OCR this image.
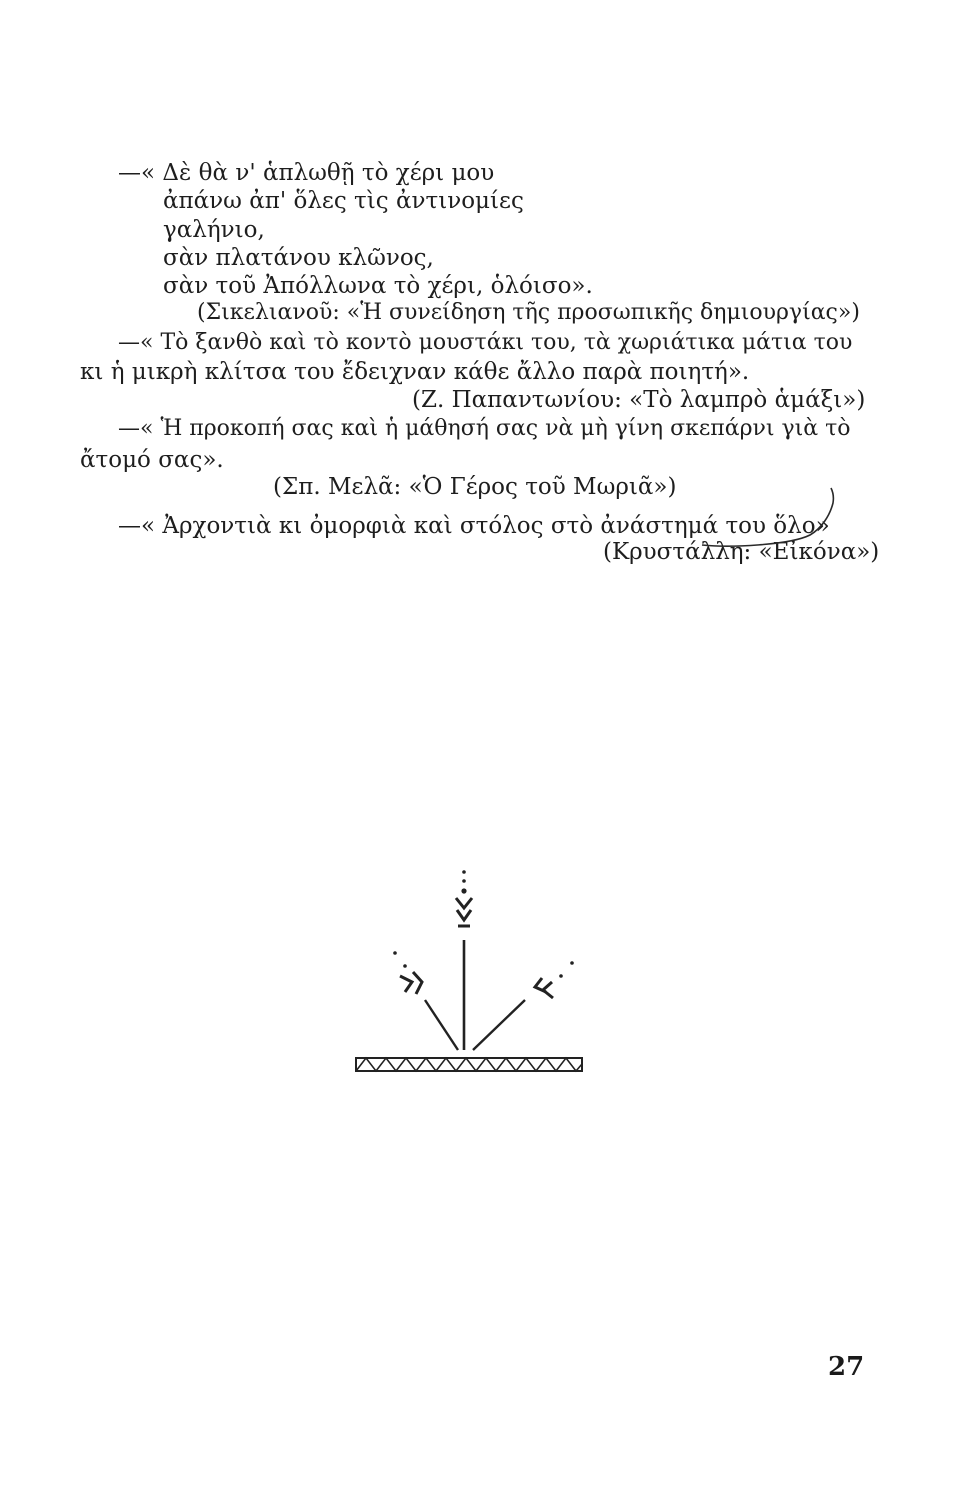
—« Δὲ θὰ ν' ἁπλωθῇ τὸ χέρι μου
ἀπάνω ἀπ' ὅλες τὶς ἀντινομίες
γαλήνιο,
σὰν πλατάνου κλῶνος,
σὰν τοῦ Ἀπόλλωνα τὸ χέρι, ὁλόισο».
(Σικελιανοῦ: «Ἡ συνείδηση τῆς προσωπικῆς δημιουργίας»)
—« Τὸ ξανθὸ καὶ τὸ κοντὸ μουστάκι του, τὰ χωριάτικα μάτια του
κι ἡ μικρὴ κλίτσα του ἔδειχναν κάθε ἄλλο παρὰ ποιητή».
(Ζ. Παπαντωνίου: «Τὸ λαμπρὸ ἁμάξι»)
—« Ἡ προκοπή σας καὶ ἡ μάθησή σας νὰ μὴ γίνη σκεπάρνι γιὰ τὸ
ἄτομό σας».
(Σπ. Μελᾶ: «Ὁ Γέρος τοῦ Μωριᾶ»)
—« Ἀρχοντιὰ κι ὀμορφιὰ καὶ στόλος στὸ ἀνάστημά του ὅλο»
(Κρυστάλλη: «Εἰκόνα»)
27
